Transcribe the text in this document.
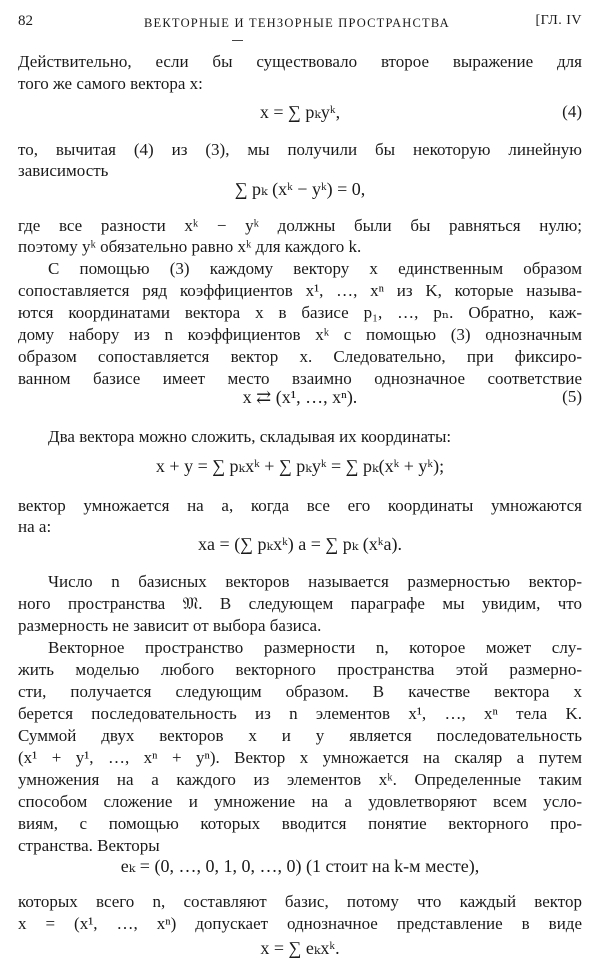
82	ВЕКТОРНЫЕ И ТЕНЗОРНЫЕ ПРОСТРАНСТВА	[ГЛ. IV
Действительно, если бы существовало второе выражение для
того же самого вектора x:
x = ∑ pₖyᵏ,	(4)
то, вычитая (4) из (3), мы получили бы некоторую линейную
зависимость
∑ pₖ (xᵏ − yᵏ) = 0,
где все разности xᵏ − yᵏ должны были бы равняться нулю;
поэтому yᵏ обязательно равно xᵏ для каждого k.
С помощью (3) каждому вектору x единственным образом
сопоставляется ряд коэффициентов x¹, …, xⁿ из K, которые называ-
ются координатами вектора x в базисе p₁, …, pₙ. Обратно, каж-
дому набору из n коэффициентов xᵏ с помощью (3) однозначным
образом сопоставляется вектор x. Следовательно, при фиксиро-
ванном базисе имеет место взаимно однозначное соответствие
x ⇄ (x¹, …, xⁿ).	(5)
Два вектора можно сложить, складывая их координаты:
x + y = ∑ pₖxᵏ + ∑ pₖyᵏ = ∑ pₖ(xᵏ + yᵏ);
вектор умножается на a, когда все его координаты умножаются
на a:
xa = (∑ pₖxᵏ) a = ∑ pₖ (xᵏa).
Число n базисных векторов называется размерностью вектор-
ного пространства 𝔐. В следующем параграфе мы увидим, что
размерность не зависит от выбора базиса.
Векторное пространство размерности n, которое может слу-
жить моделью любого векторного пространства этой размерно-
сти, получается следующим образом. В качестве вектора x
берется последовательность из n элементов x¹, …, xⁿ тела K.
Суммой двух векторов x и y является последовательность
(x¹ + y¹, …, xⁿ + yⁿ). Вектор x умножается на скаляр a путем
умножения на a каждого из элементов xᵏ. Определенные таким
способом сложение и умножение на a удовлетворяют всем усло-
виям, с помощью которых вводится понятие векторного про-
странства. Векторы
eₖ = (0, …, 0, 1, 0, …, 0) (1 стоит на k-м месте),
которых всего n, составляют базис, потому что каждый вектор
x = (x¹, …, xⁿ) допускает однозначное представление в виде
x = ∑ eₖxᵏ.
